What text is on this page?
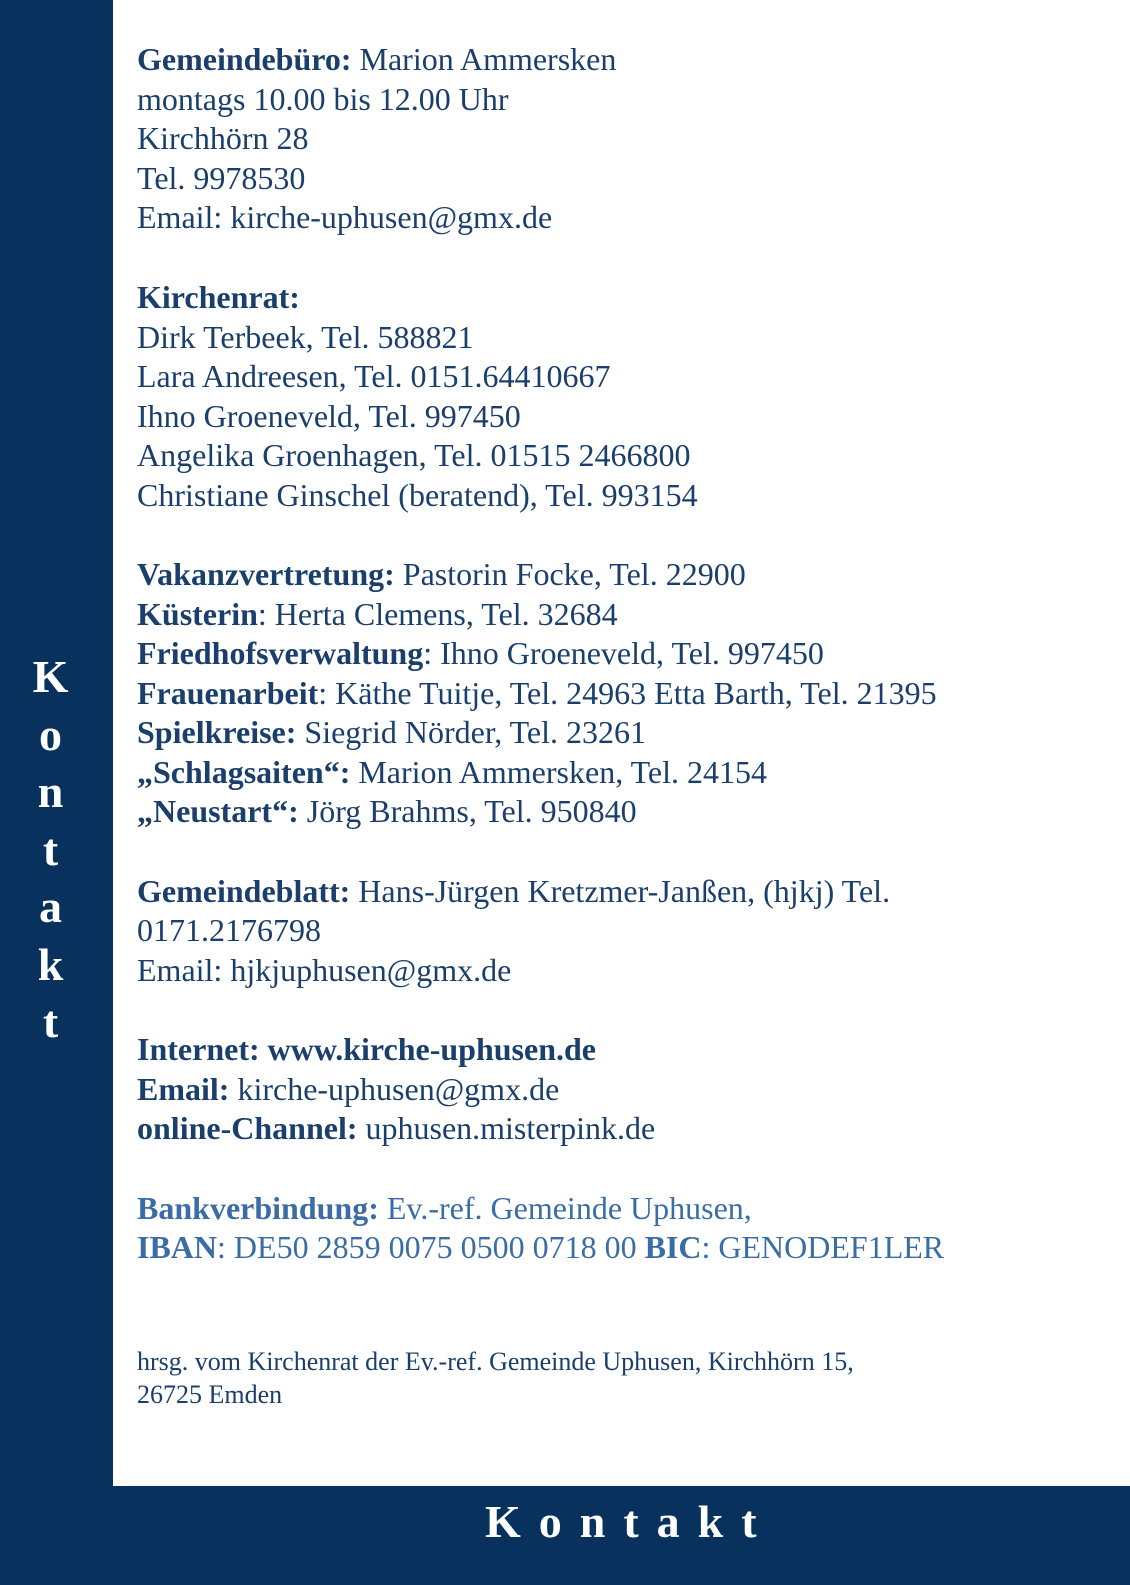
K
o
n
t
a
k
t
Gemeindebüro: Marion Ammersken
montags 10.00 bis 12.00 Uhr
Kirchhörn 28
Tel. 9978530
Email: kirche-uphusen@gmx.de
Kirchenrat:
Dirk Terbeek, Tel. 588821
Lara Andreesen, Tel. 0151.64410667
Ihno Groeneveld, Tel. 997450
Angelika Groenhagen, Tel. 01515 2466800
Christiane Ginschel (beratend), Tel. 993154
Vakanzvertretung: Pastorin Focke, Tel. 22900
Küsterin: Herta Clemens, Tel. 32684
Friedhofsverwaltung: Ihno Groeneveld, Tel. 997450
Frauenarbeit: Käthe Tuitje, Tel. 24963 Etta Barth, Tel. 21395
Spielkreise: Siegrid Nörder, Tel. 23261
„Schlagsaiten“: Marion Ammersken, Tel. 24154
„Neustart“: Jörg Brahms, Tel. 950840
Gemeindeblatt: Hans-Jürgen Kretzmer-Janßen, (hjkj) Tel.
0171.2176798
Email: hjkjuphusen@gmx.de
Internet: www.kirche-uphusen.de
Email: kirche-uphusen@gmx.de
online-Channel: uphusen.misterpink.de
Bankverbindung: Ev.-ref. Gemeinde Uphusen,
IBAN: DE50 2859 0075 0500 0718 00 BIC: GENODEF1LER
hrsg. vom Kirchenrat der Ev.-ref. Gemeinde Uphusen, Kirchhörn 15,
26725 Emden
Kontakt
